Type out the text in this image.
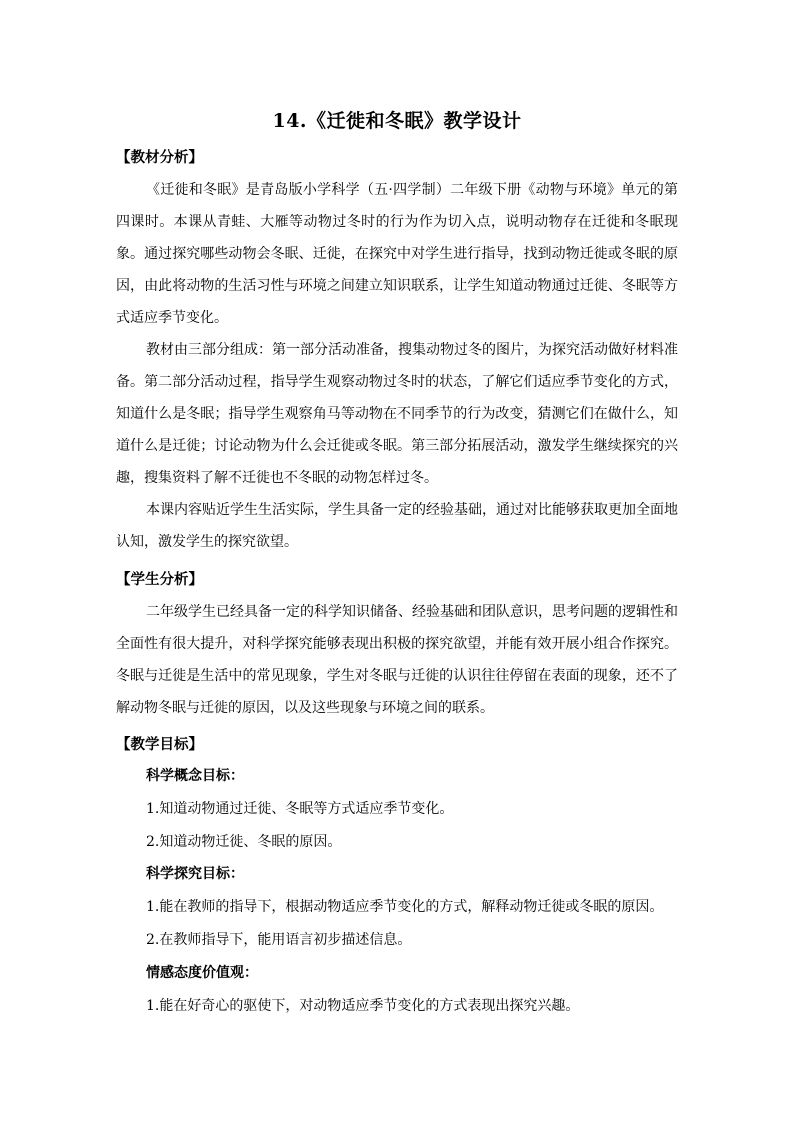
14.《迁徙和冬眠》教学设计
【教材分析】

《迁徙和冬眠》是青岛版小学科学（五·四学制）二年级下册《动物与环境》单元的第四课时。本课从青蛙、大雁等动物过冬时的行为作为切入点，说明动物存在迁徙和冬眠现象。通过探究哪些动物会冬眠、迁徙，在探究中对学生进行指导，找到动物迁徙或冬眠的原因，由此将动物的生活习性与环境之间建立知识联系，让学生知道动物通过迁徙、冬眠等方式适应季节变化。

教材由三部分组成：第一部分活动准备，搜集动物过冬的图片，为探究活动做好材料准备。第二部分活动过程，指导学生观察动物过冬时的状态，了解它们适应季节变化的方式，知道什么是冬眠；指导学生观察角马等动物在不同季节的行为改变，猜测它们在做什么，知道什么是迁徙；讨论动物为什么会迁徙或冬眠。第三部分拓展活动，激发学生继续探究的兴趣，搜集资料了解不迁徙也不冬眠的动物怎样过冬。

本课内容贴近学生生活实际，学生具备一定的经验基础，通过对比能够获取更加全面地认知，激发学生的探究欲望。

【学生分析】

二年级学生已经具备一定的科学知识储备、经验基础和团队意识，思考问题的逻辑性和全面性有很大提升，对科学探究能够表现出积极的探究欲望，并能有效开展小组合作探究。冬眠与迁徙是生活中的常见现象，学生对冬眠与迁徙的认识往往停留在表面的现象，还不了解动物冬眠与迁徙的原因，以及这些现象与环境之间的联系。

【教学目标】
科学概念目标：
1.知道动物通过迁徙、冬眠等方式适应季节变化。
2.知道动物迁徙、冬眠的原因。
科学探究目标：
1.能在教师的指导下，根据动物适应季节变化的方式，解释动物迁徙或冬眠的原因。
2.在教师指导下，能用语言初步描述信息。
情感态度价值观：
1.能在好奇心的驱使下，对动物适应季节变化的方式表现出探究兴趣。
